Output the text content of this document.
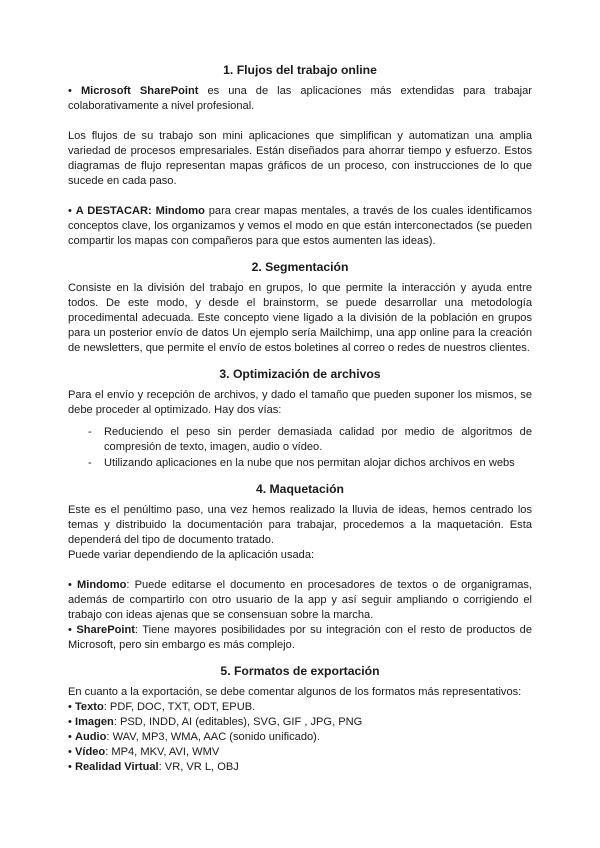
1. Flujos del trabajo online

• Microsoft SharePoint es una de las aplicaciones más extendidas para trabajar colaborativamente a nivel profesional.

Los flujos de su trabajo son mini aplicaciones que simplifican y automatizan una amplia variedad de procesos empresariales. Están diseñados para ahorrar tiempo y esfuerzo. Estos diagramas de flujo representan mapas gráficos de un proceso, con instrucciones de lo que sucede en cada paso.

• A DESTACAR: Mindomo para crear mapas mentales, a través de los cuales identificamos conceptos clave, los organizamos y vemos el modo en que están interconectados (se pueden compartir los mapas con compañeros para que estos aumenten las ideas).

2. Segmentación

Consiste en la división del trabajo en grupos, lo que permite la interacción y ayuda entre todos. De este modo, y desde el brainstorm, se puede desarrollar una metodología procedimental adecuada. Este concepto viene ligado a la división de la población en grupos para un posterior envío de datos Un ejemplo sería Mailchimp, una app online para la creación de newsletters, que permite el envío de estos boletines al correo o redes de nuestros clientes.

3. Optimización de archivos

Para el envío y recepción de archivos, y dado el tamaño que pueden suponer los mismos, se debe proceder al optimizado. Hay dos vías:

- Reduciendo el peso sin perder demasiada calidad por medio de algoritmos de compresión de texto, imagen, audio o vídeo.
- Utilizando aplicaciones en la nube que nos permitan alojar dichos archivos en webs
4. Maquetación

Este es el penúltimo paso, una vez hemos realizado la lluvia de ideas, hemos centrado los temas y distribuido la documentación para trabajar, procedemos a la maquetación. Esta dependerá del tipo de documento tratado.

Puede variar dependiendo de la aplicación usada:

• Mindomo: Puede editarse el documento en procesadores de textos o de organigramas, además de compartirlo con otro usuario de la app y así seguir ampliando o corrigiendo el trabajo con ideas ajenas que se consensuan sobre la marcha.

• SharePoint: Tiene mayores posibilidades por su integración con el resto de productos de Microsoft, pero sin embargo es más complejo.

5. Formatos de exportación

En cuanto a la exportación, se debe comentar algunos de los formatos más representativos:

• Texto: PDF, DOC, TXT, ODT, EPUB.
• Imagen: PSD, INDD, AI (editables), SVG, GIF , JPG, PNG
• Audio: WAV, MP3, WMA, AAC (sonido unificado).
• Vídeo: MP4, MKV, AVI, WMV
• Realidad Virtual: VR, VR L, OBJ
